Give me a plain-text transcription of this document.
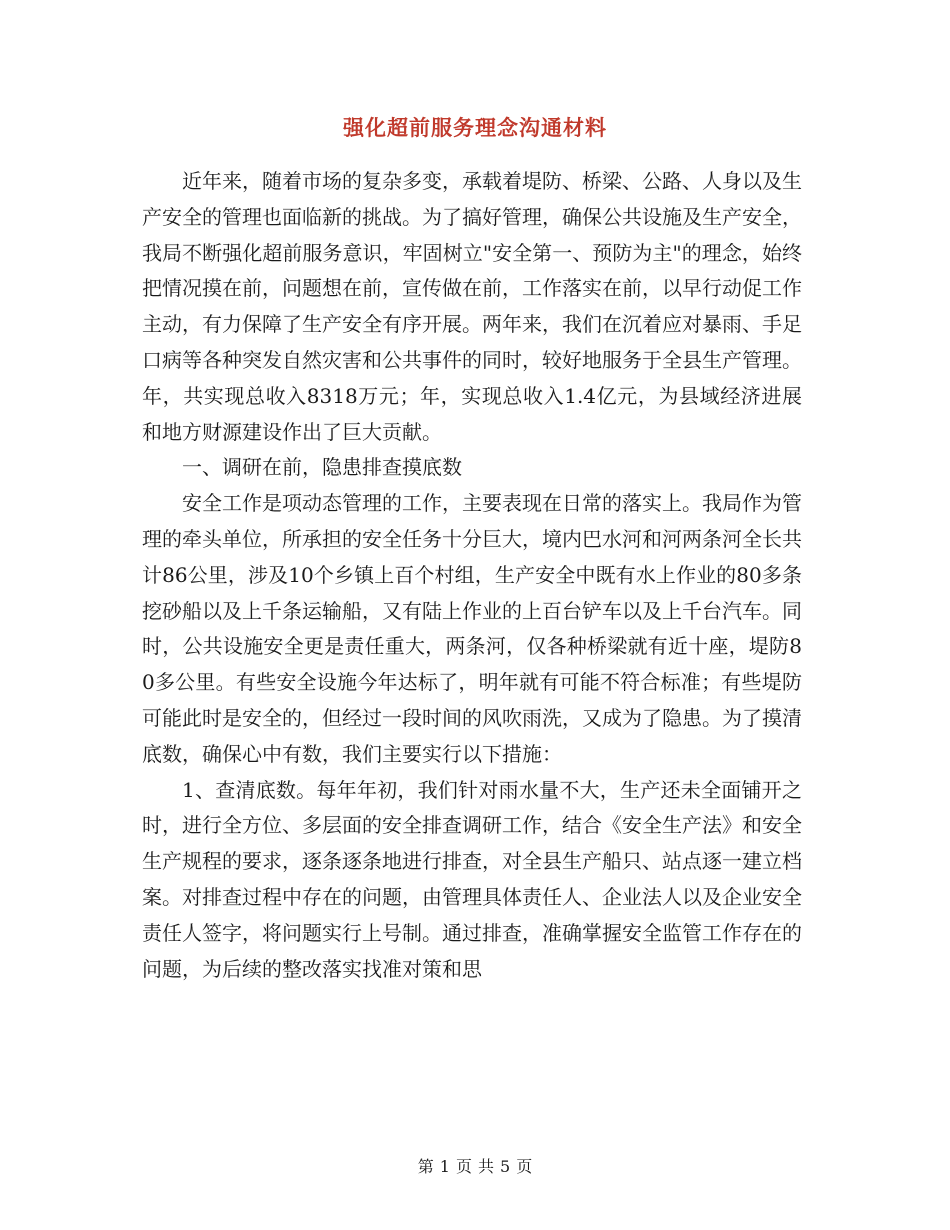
强化超前服务理念沟通材料

近年来，随着市场的复杂多变，承载着堤防、桥梁、公路、人身以及生产安全的管理也面临新的挑战。为了搞好管理，确保公共设施及生产安全，我局不断强化超前服务意识，牢固树立"安全第一、预防为主"的理念，始终把情况摸在前，问题想在前，宣传做在前，工作落实在前，以早行动促工作主动，有力保障了生产安全有序开展。两年来，我们在沉着应对暴雨、手足口病等各种突发自然灾害和公共事件的同时，较好地服务于全县生产管理。年，共实现总收入8318万元；年，实现总收入1.4亿元，为县域经济进展和地方财源建设作出了巨大贡献。

一、调研在前，隐患排查摸底数

安全工作是项动态管理的工作，主要表现在日常的落实上。我局作为管理的牵头单位，所承担的安全任务十分巨大，境内巴水河和河两条河全长共计86公里，涉及10个乡镇上百个村组，生产安全中既有水上作业的80多条挖砂船以及上千条运输船，又有陆上作业的上百台铲车以及上千台汽车。同时，公共设施安全更是责任重大，两条河，仅各种桥梁就有近十座，堤防80多公里。有些安全设施今年达标了，明年就有可能不符合标准；有些堤防可能此时是安全的，但经过一段时间的风吹雨洗，又成为了隐患。为了摸清底数，确保心中有数，我们主要实行以下措施：

1、查清底数。每年年初，我们针对雨水量不大，生产还未全面铺开之时，进行全方位、多层面的安全排查调研工作，结合《安全生产法》和安全生产规程的要求，逐条逐条地进行排查，对全县生产船只、站点逐一建立档案。对排查过程中存在的问题，由管理具体责任人、企业法人以及企业安全责任人签字，将问题实行上号制。通过排查，准确掌握安全监管工作存在的问题，为后续的整改落实找准对策和思

第 1 页 共 5 页
